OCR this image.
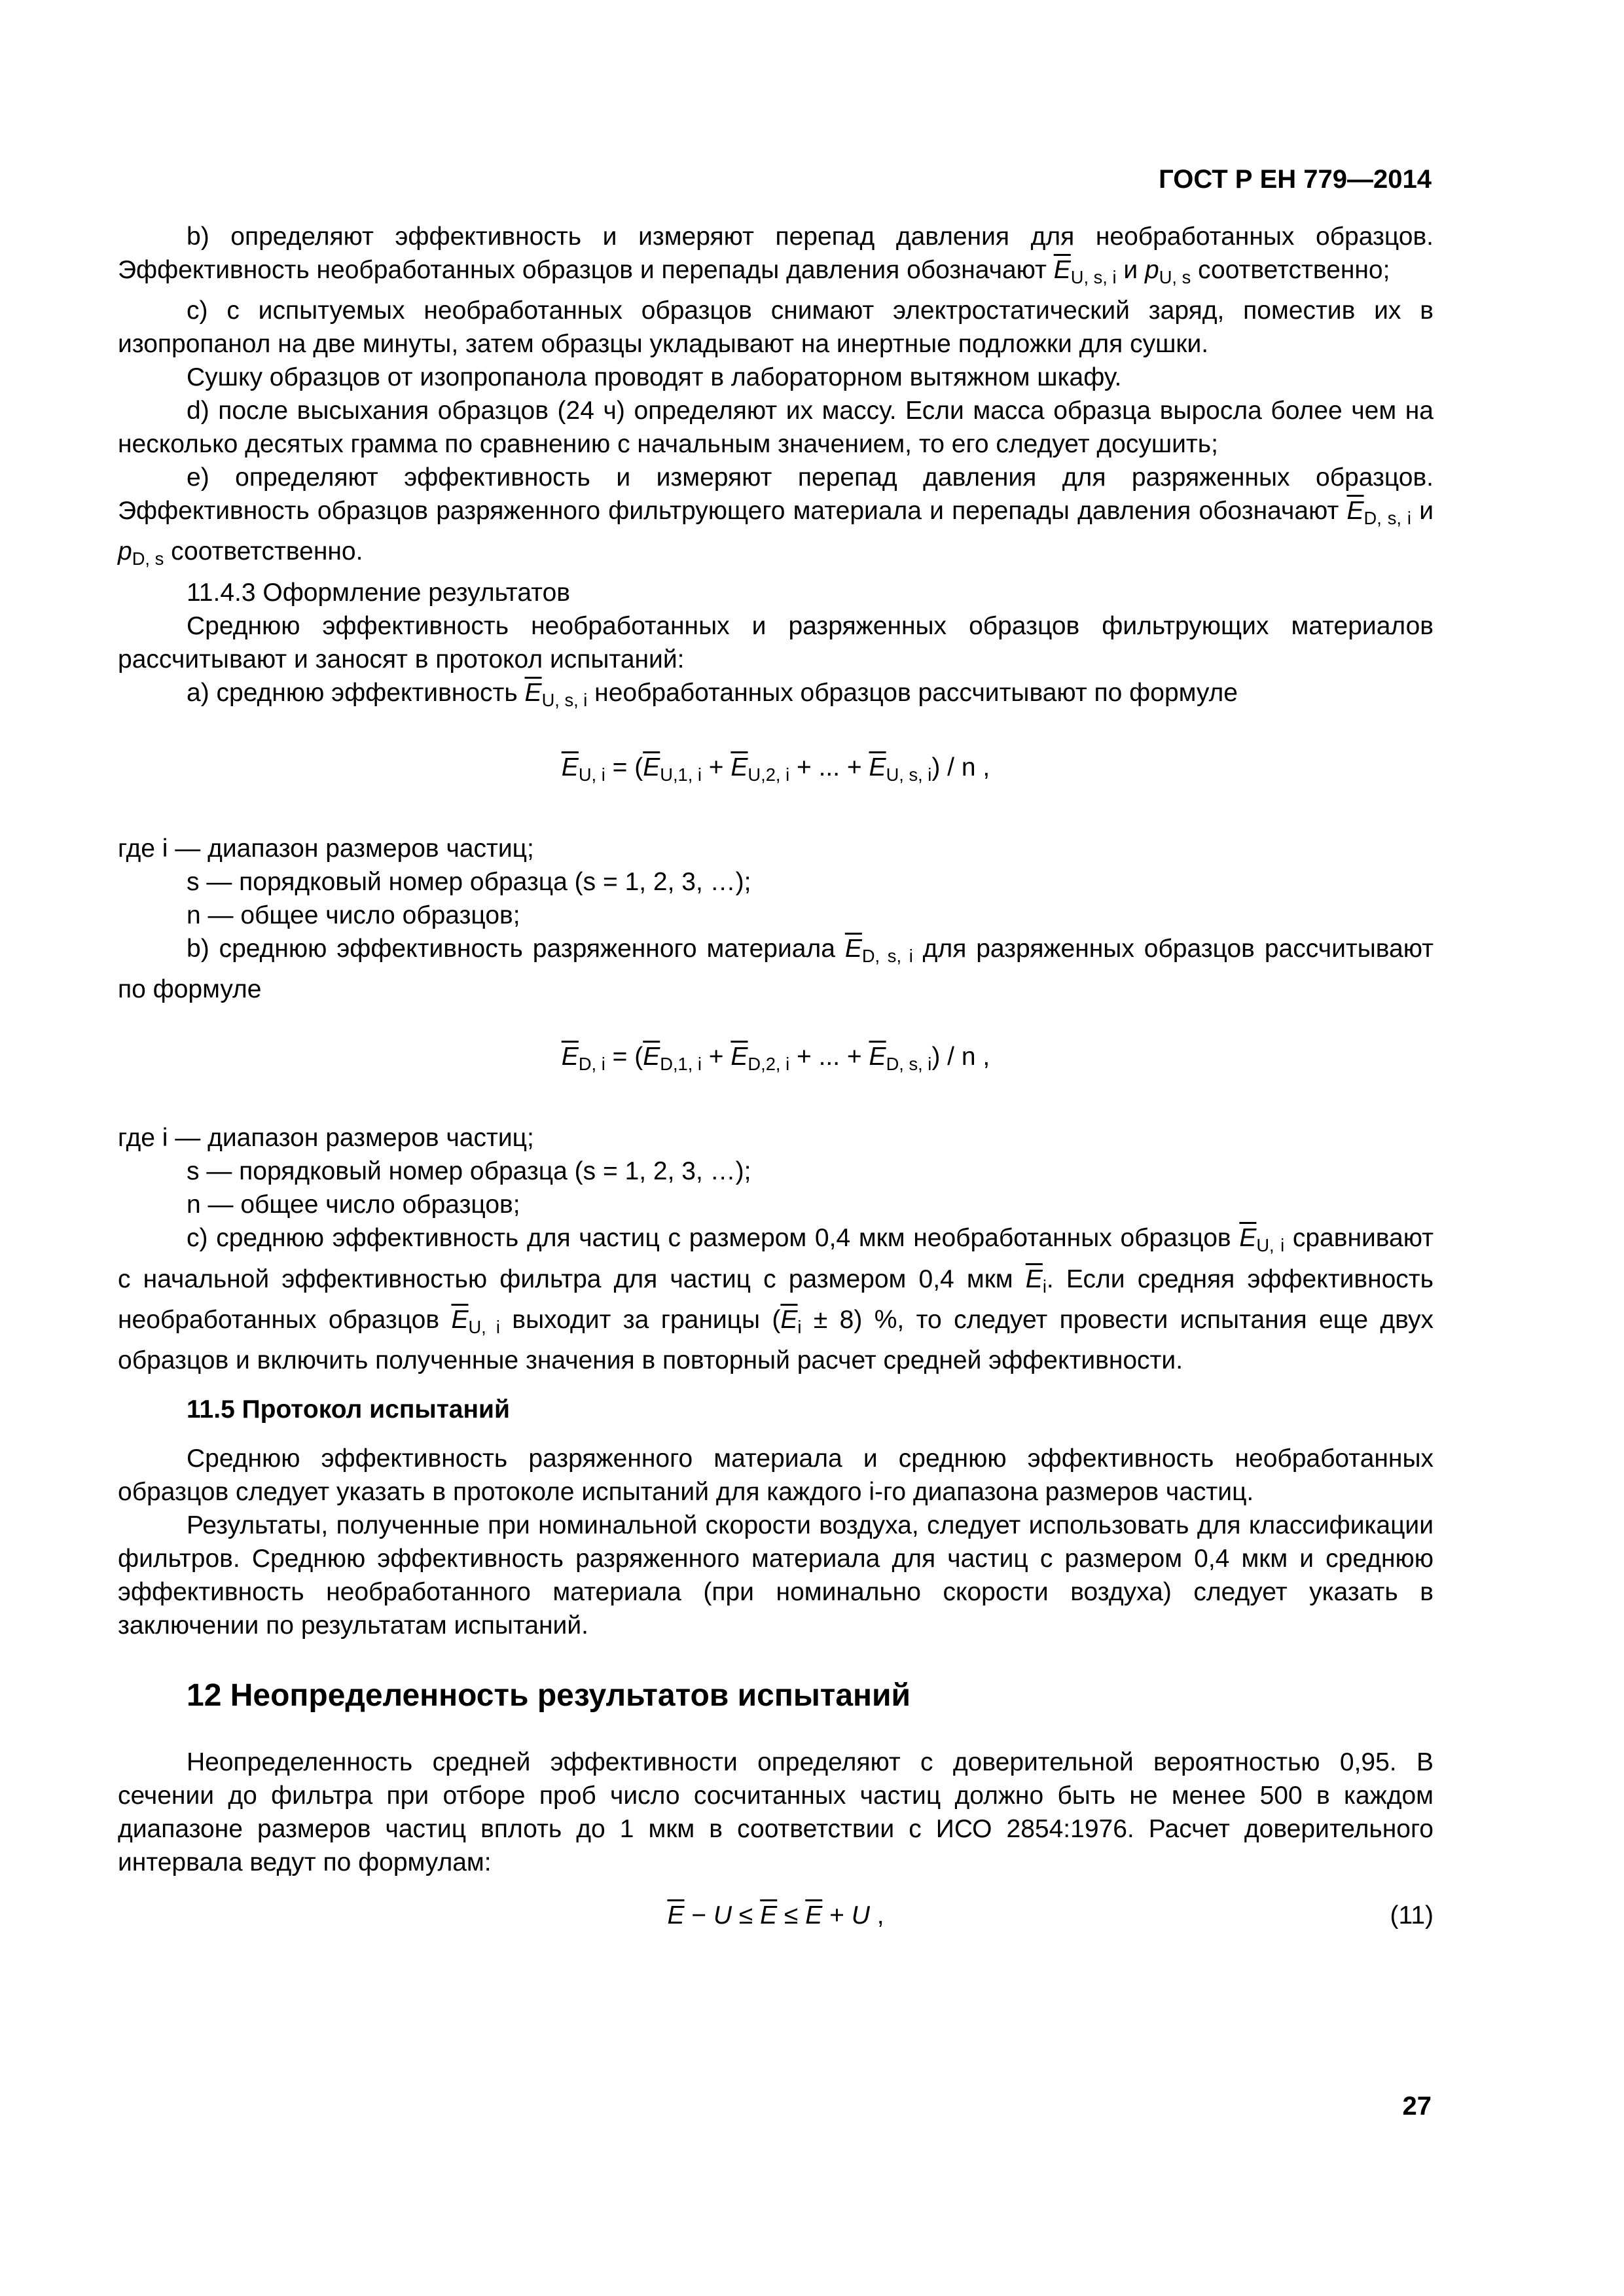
ГОСТ Р ЕН 779—2014

b) определяют эффективность и измеряют перепад давления для необработанных образцов. Эффективность необработанных образцов и перепады давления обозначают $\overline{E}_{U, s, i}$ и $p_{U, s}$ соответственно;

c) с испытуемых необработанных образцов снимают электростатический заряд, поместив их в изопропанол на две минуты, затем образцы укладывают на инертные подложки для сушки.

Сушку образцов от изопропанола проводят в лабораторном вытяжном шкафу.

d) после высыхания образцов (24 ч) определяют их массу. Если масса образца выросла более чем на несколько десятых грамма по сравнению с начальным значением, то его следует досушить;

e) определяют эффективность и измеряют перепад давления для разряженных образцов. Эффективность образцов разряженного фильтрующего материала и перепады давления обозначают $\overline{E}_{D, s, i}$ и $p_{D, s}$ соответственно.

11.4.3 Оформление результатов

Среднюю эффективность необработанных и разряженных образцов фильтрующих материалов рассчитывают и заносят в протокол испытаний:

a) среднюю эффективность $\overline{E}_{U, s, i}$ необработанных образцов рассчитывают по формуле

$\overline{E}_{U, i} = (\overline{E}_{U,1, i} + \overline{E}_{U,2, i}$ + ... + $\overline{E}_{U, s, i}$) / n ,

где i — диапазон размеров частиц;

s — порядковый номер образца (s = 1, 2, 3, …);

n — общее число образцов;

b) среднюю эффективность разряженного материала $\overline{E}_{D, s, i}$ для разряженных образцов рассчитывают по формуле

$\overline{E}_{D, i} = (\overline{E}_{D,1, i} + \overline{E}_{D,2, i}$ + ... + $\overline{E}_{D, s, i}$) / n ,

где i — диапазон размеров частиц;

s — порядковый номер образца (s = 1, 2, 3, …);

n — общее число образцов;

c) среднюю эффективность для частиц с размером 0,4 мкм необработанных образцов $\overline{E}_{U, i}$ сравнивают с начальной эффективностью фильтра для частиц с размером 0,4 мкм $\overline{E}_i$. Если средняя эффективность необработанных образцов $\overline{E}_{U, i}$ выходит за границы $(\overline{E}_i \pm 8)$ %, то следует провести испытания еще двух образцов и включить полученные значения в повторный расчет средней эффективности.

11.5 Протокол испытаний

Среднюю эффективность разряженного материала и среднюю эффективность необработанных образцов следует указать в протоколе испытаний для каждого i-го диапазона размеров частиц.

Результаты, полученные при номинальной скорости воздуха, следует использовать для классификации фильтров. Среднюю эффективность разряженного материала для частиц с размером 0,4 мкм и среднюю эффективность необработанного материала (при номинально скорости воздуха) следует указать в заключении по результатам испытаний.

12 Неопределенность результатов испытаний

Неопределенность средней эффективности определяют с доверительной вероятностью 0,95. В сечении до фильтра при отборе проб число сосчитанных частиц должно быть не менее 500 в каждом диапазоне размеров частиц вплоть до 1 мкм в соответствии с ИСО 2854:1976. Расчет доверительного интервала ведут по формулам:

$\overline{E} - U \le \overline{E} \le \overline{E} + U$ ,	(11)
27
